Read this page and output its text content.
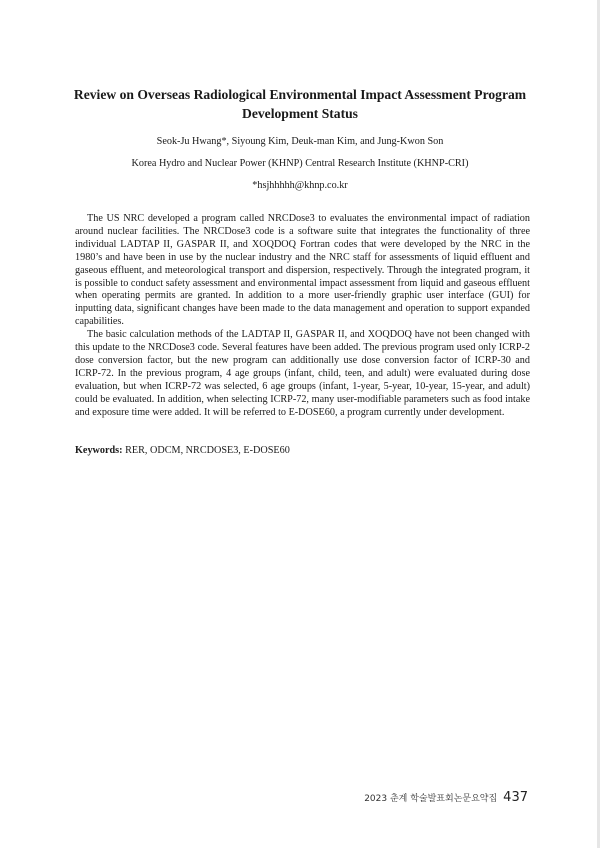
Review on Overseas Radiological Environmental Impact Assessment Program Development Status
Seok-Ju Hwang*, Siyoung Kim, Deuk-man Kim, and Jung-Kwon Son
Korea Hydro and Nuclear Power (KHNP) Central Research Institute (KHNP-CRI)
*hsjhhhhh@khnp.co.kr

The US NRC developed a program called NRCDose3 to evaluates the environmental impact of radiation around nuclear facilities. The NRCDose3 code is a software suite that integrates the functionality of three individual LADTAP II, GASPAR II, and XOQDOQ Fortran codes that were developed by the NRC in the 1980’s and have been in use by the nuclear industry and the NRC staff for assessments of liquid effluent and gaseous effluent, and meteorological transport and dispersion, respectively. Through the integrated program, it is possible to conduct safety assessment and environmental impact assessment from liquid and gaseous effluent when operating permits are granted. In addition to a more user-friendly graphic user interface (GUI) for inputting data, significant changes have been made to the data management and operation to support expanded capabilities.

The basic calculation methods of the LADTAP II, GASPAR II, and XOQDOQ have not been changed with this update to the NRCDose3 code. Several features have been added. The previous program used only ICRP-2 dose conversion factor, but the new program can additionally use dose conversion factor of ICRP-30 and ICRP-72. In the previous program, 4 age groups (infant, child, teen, and adult) were evaluated during dose evaluation, but when ICRP-72 was selected, 6 age groups (infant, 1-year, 5-year, 10-year, 15-year, and adult) could be evaluated. In addition, when selecting ICRP-72, many user-modifiable parameters such as food intake and exposure time were added. It will be referred to E-DOSE60, a program currently under development.

Keywords: RER, ODCM, NRCDOSE3, E-DOSE60
2023 춘계 학술발표회논문요약집 437
